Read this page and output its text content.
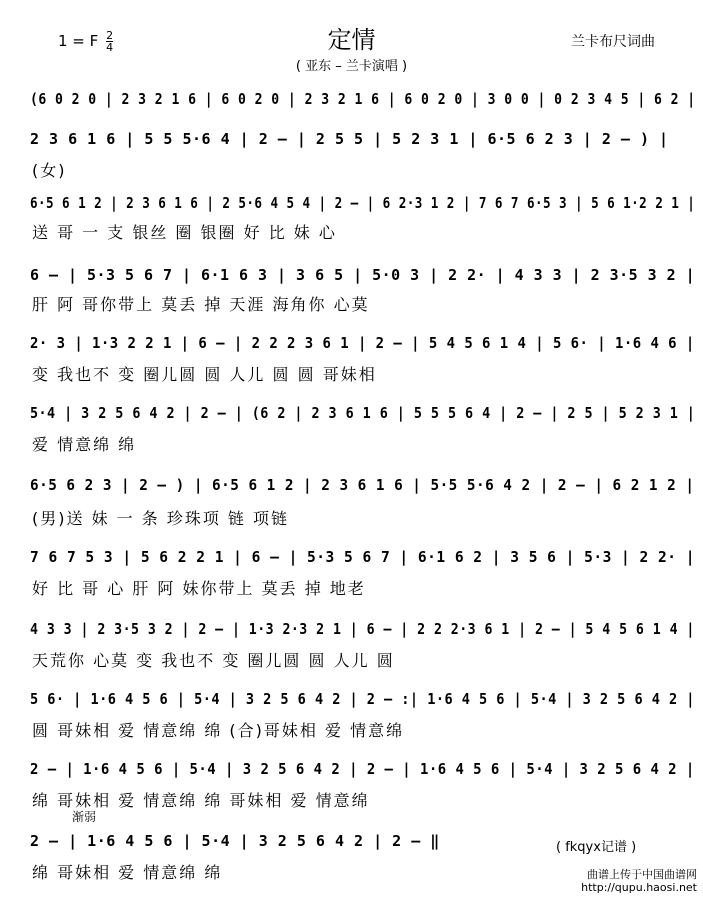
定情
1 = F $\frac{2}{4}$	兰卡布尺词曲
( 亚东 – 兰卡演唱 )
(6 0 2 0 | 2 3 2 1 6 | 6 0 2 0 | 2 3 2 1 6 | 6 0 2 0 | 3 0 0 | 0 2 3 4 5 | 6 2 |
2 3 6 1 6 | 5 5 5·6 4 | 2 – | 2 5 5 | 5 2 3 1 | 6·5 6 2 3 | 2 – ) |
(女)
6·5 6 1 2 | 2 3 6 1 6 | 2 5·6 4 5 4 | 2 – | 6 2·3 1 2 | 7 6 7 6·5 3 | 5 6 1·2 2 1 |
送 哥 一 支 银丝 圈 银圈 好 比 妹 心
6 – | 5·3 5 6 7 | 6·1 6 3 | 3 6 5 | 5·0 3 | 2 2· | 4 3 3 | 2 3·5 3 2 |
肝 阿 哥你带上 莫丢 掉 天涯 海角你 心莫
2· 3 | 1·3 2 2 1 | 6 – | 2 2 2 3 6 1 | 2 – | 5 4 5 6 1 4 | 5 6· | 1·6 4 6 |
变 我也不 变 圈儿圆 圆 人儿 圆 圆 哥妹相
5·4 | 3 2 5 6 4 2 | 2 – | (6 2 | 2 3 6 1 6 | 5 5 5 6 4 | 2 – | 2 5 | 5 2 3 1 |
爱 情意绵 绵
6·5 6 2 3 | 2 – ) | 6·5 6 1 2 | 2 3 6 1 6 | 5·5 5·6 4 2 | 2 – | 6 2 1 2 |
(男)送 妹 一 条 珍珠项 链 项链
7 6 7 5 3 | 5 6 2 2 1 | 6 – | 5·3 5 6 7 | 6·1 6 2 | 3 5 6 | 5·3 | 2 2· |
好 比 哥 心 肝 阿 妹你带上 莫丢 掉 地老
4 3 3 | 2 3·5 3 2 | 2 – | 1·3 2·3 2 1 | 6 – | 2 2 2·3 6 1 | 2 – | 5 4 5 6 1 4 |
天荒你 心莫 变 我也不 变 圈儿圆 圆 人儿 圆
5 6· | 1·6 4 5 6 | 5·4 | 3 2 5 6 4 2 | 2 – :| 1·6 4 5 6 | 5·4 | 3 2 5 6 4 2 |
圆 哥妹相 爱 情意绵 绵 (合)哥妹相 爱 情意绵
2 – | 1·6 4 5 6 | 5·4 | 3 2 5 6 4 2 | 2 – | 1·6 4 5 6 | 5·4 | 3 2 5 6 4 2 |
绵 哥妹相 爱 情意绵 绵 哥妹相 爱 情意绵
渐弱
2 – | 1·6 4 5 6 | 5·4 | 3 2 5 6 4 2 | 2 – ‖
绵 哥妹相 爱 情意绵 绵
( fkqyx记谱 )
曲谱上传于中国曲谱网
http://qupu.haosi.net
